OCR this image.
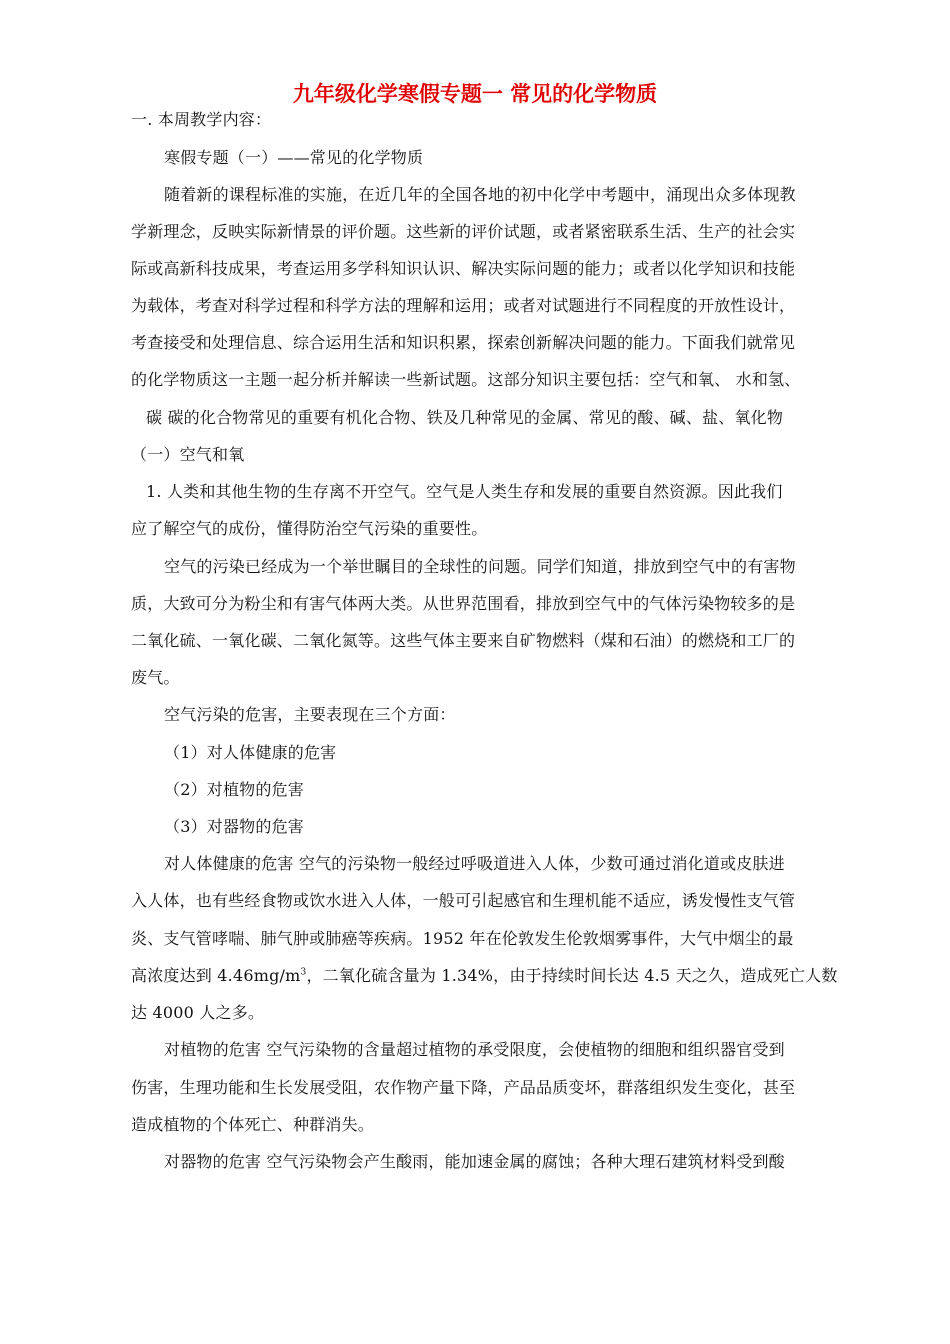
九年级化学寒假专题一 常见的化学物质
一. 本周教学内容：
寒假专题（一）——常见的化学物质
随着新的课程标准的实施，在近几年的全国各地的初中化学中考题中，涌现出众多体现教
学新理念，反映实际新情景的评价题。这些新的评价试题，或者紧密联系生活、生产的社会实
际或高新科技成果，考查运用多学科知识认识、解决实际问题的能力；或者以化学知识和技能
为载体，考查对科学过程和科学方法的理解和运用；或者对试题进行不同程度的开放性设计，
考查接受和处理信息、综合运用生活和知识积累，探索创新解决问题的能力。下面我们就常见
的化学物质这一主题一起分析并解读一些新试题。这部分知识主要包括：空气和氧、 水和氢、
碳 碳的化合物常见的重要有机化合物、铁及几种常见的金属、常见的酸、碱、盐、氧化物
（一）空气和氧
1. 人类和其他生物的生存离不开空气。空气是人类生存和发展的重要自然资源。因此我们
应了解空气的成份，懂得防治空气污染的重要性。
空气的污染已经成为一个举世瞩目的全球性的问题。同学们知道，排放到空气中的有害物
质，大致可分为粉尘和有害气体两大类。从世界范围看，排放到空气中的气体污染物较多的是
二氧化硫、一氧化碳、二氧化氮等。这些气体主要来自矿物燃料（煤和石油）的燃烧和工厂的
废气。
空气污染的危害，主要表现在三个方面：
（1）对人体健康的危害
（2）对植物的危害
（3）对器物的危害
对人体健康的危害 空气的污染物一般经过呼吸道进入人体，少数可通过消化道或皮肤进
入人体，也有些经食物或饮水进入人体，一般可引起感官和生理机能不适应，诱发慢性支气管
炎、支气管哮喘、肺气肿或肺癌等疾病。1952 年在伦敦发生伦敦烟雾事件，大气中烟尘的最
高浓度达到 $4.46mg/m^3$，二氧化硫含量为 1.34%，由于持续时间长达 4.5 天之久，造成死亡人数
达 4000 人之多。
对植物的危害 空气污染物的含量超过植物的承受限度，会使植物的细胞和组织器官受到
伤害，生理功能和生长发展受阻，农作物产量下降，产品品质变坏，群落组织发生变化，甚至
造成植物的个体死亡、种群消失。
对器物的危害 空气污染物会产生酸雨，能加速金属的腐蚀；各种大理石建筑材料受到酸
